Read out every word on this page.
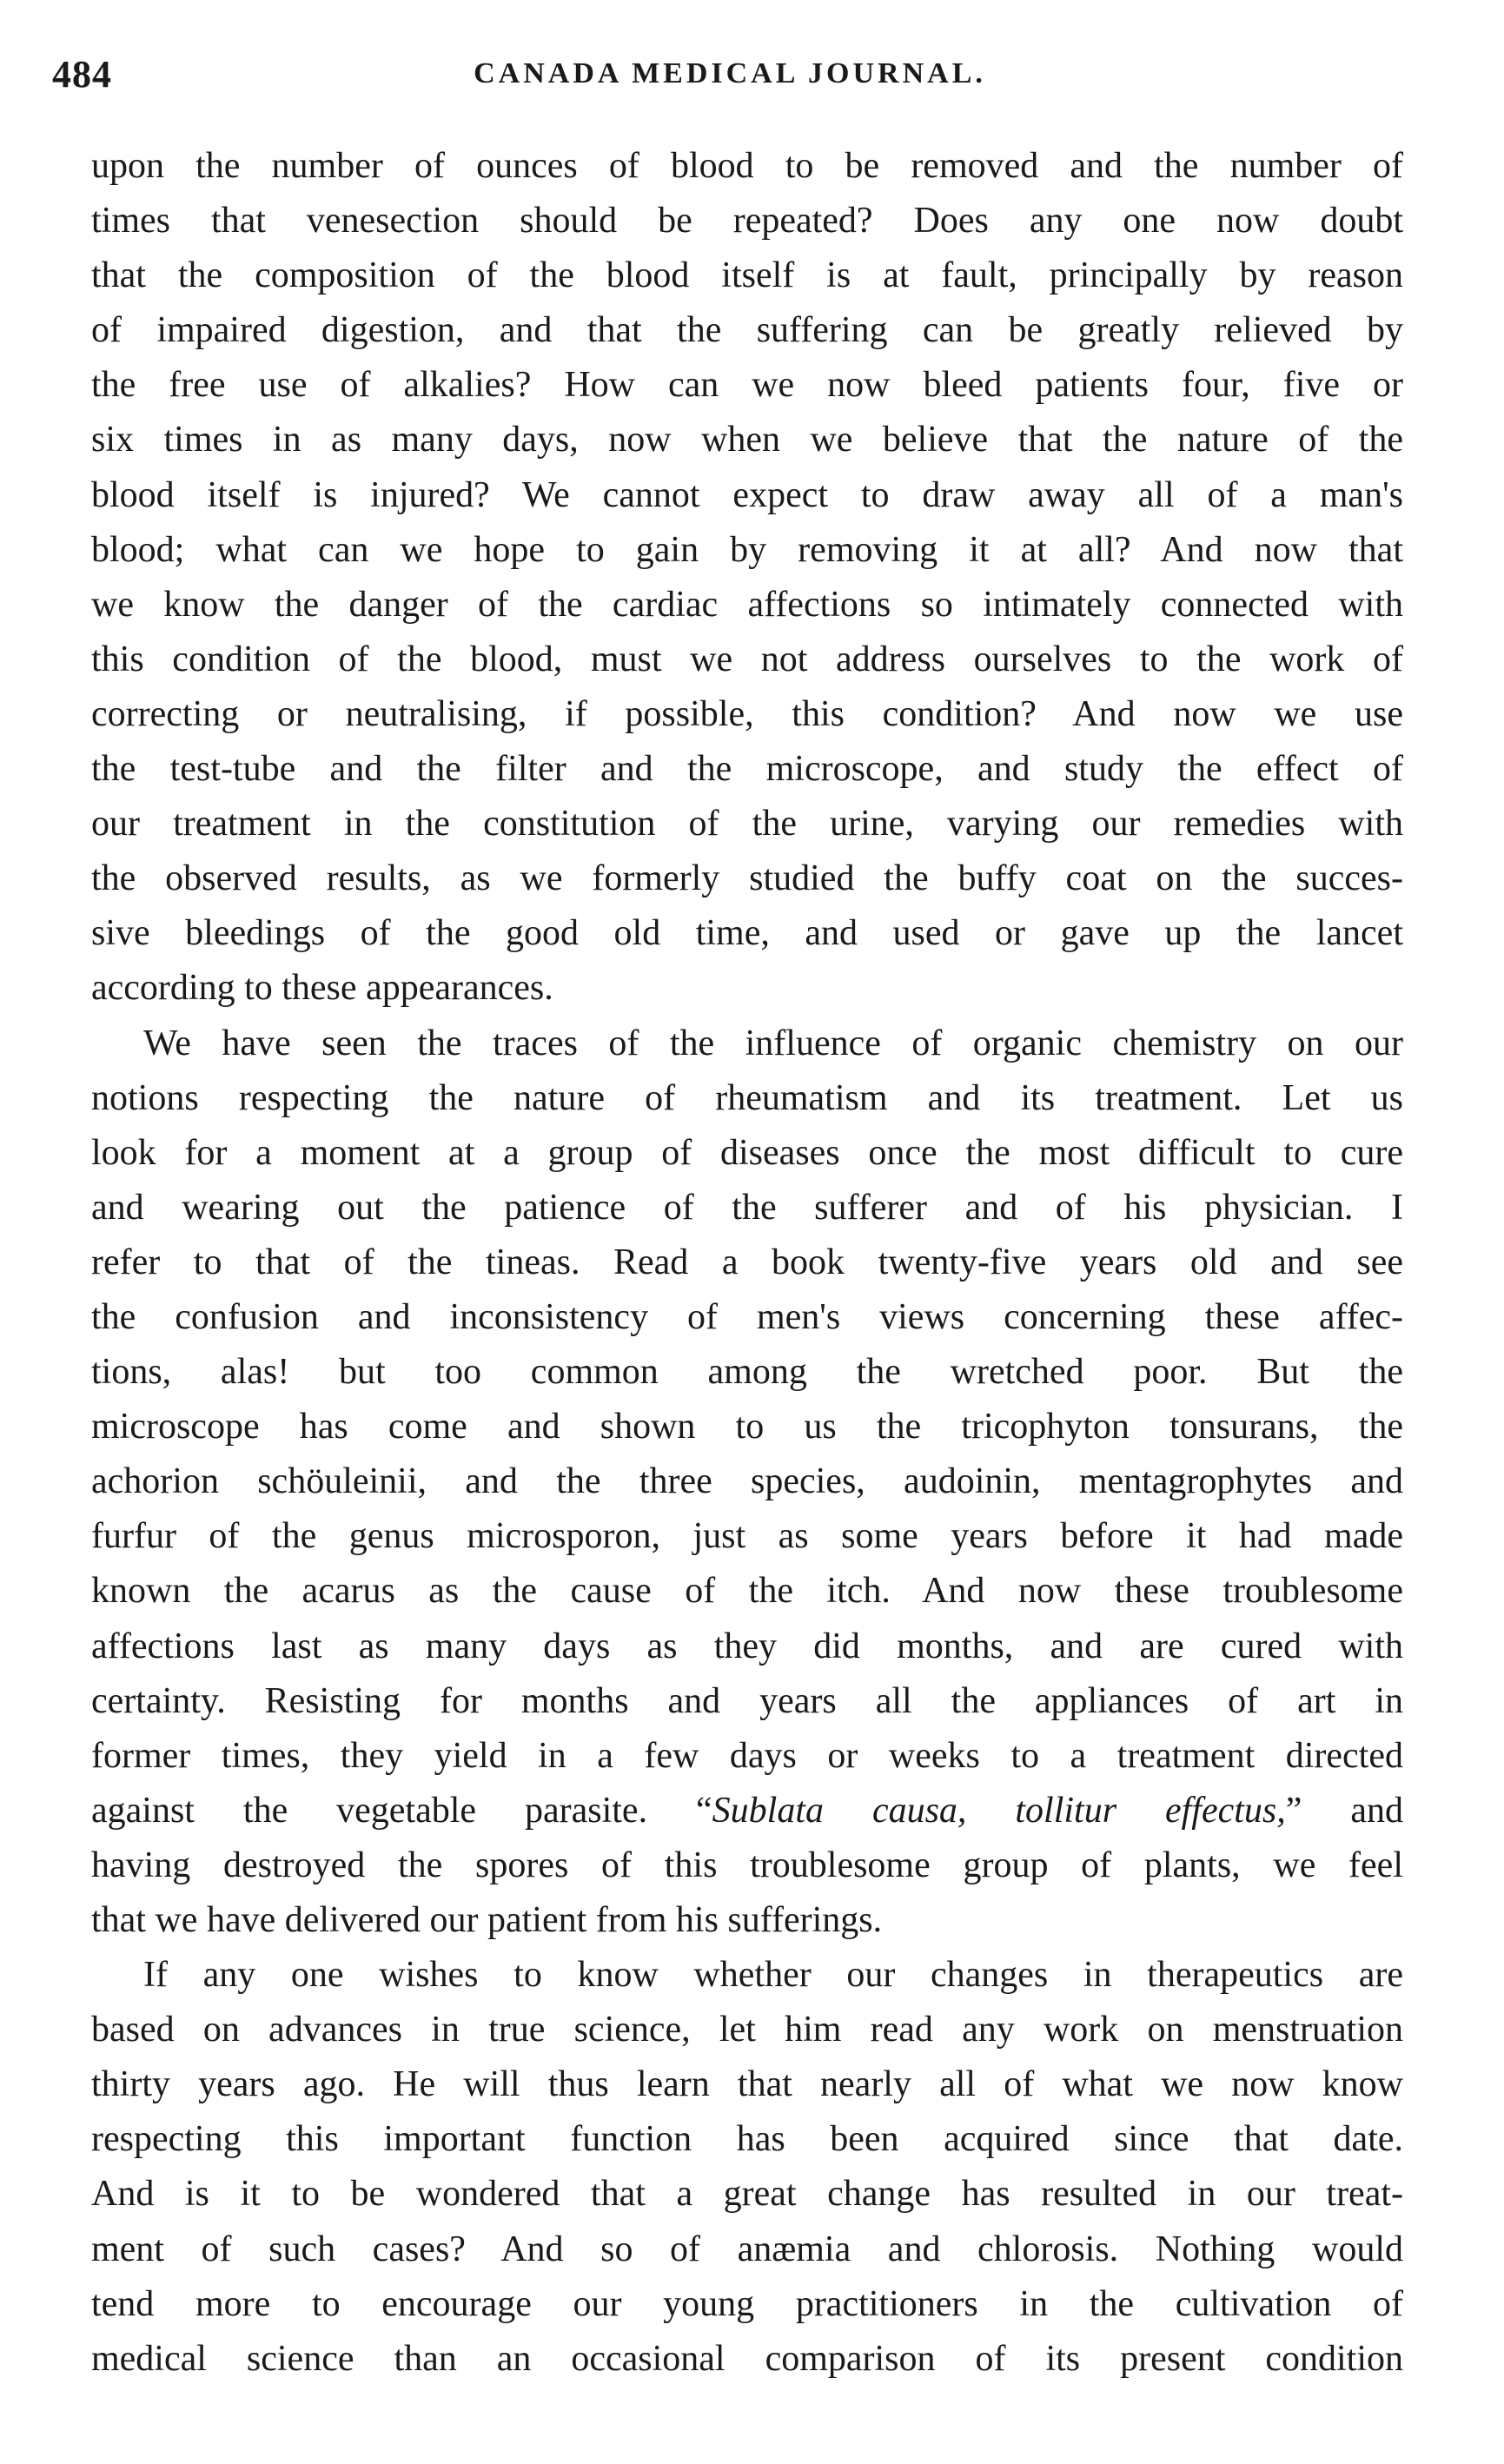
484	CANADA MEDICAL JOURNAL.
upon the number of ounces of blood to be removed and the number of
times that venesection should be repeated? Does any one now doubt
that the composition of the blood itself is at fault, principally by reason
of impaired digestion, and that the suffering can be greatly relieved by
the free use of alkalies? How can we now bleed patients four, five or
six times in as many days, now when we believe that the nature of the
blood itself is injured? We cannot expect to draw away all of a man's
blood; what can we hope to gain by removing it at all? And now that
we know the danger of the cardiac affections so intimately connected with
this condition of the blood, must we not address ourselves to the work of
correcting or neutralising, if possible, this condition? And now we use
the test-tube and the filter and the microscope, and study the effect of
our treatment in the constitution of the urine, varying our remedies with
the observed results, as we formerly studied the buffy coat on the succes-
sive bleedings of the good old time, and used or gave up the lancet
according to these appearances.
We have seen the traces of the influence of organic chemistry on our
notions respecting the nature of rheumatism and its treatment. Let us
look for a moment at a group of diseases once the most difficult to cure
and wearing out the patience of the sufferer and of his physician. I
refer to that of the tineas. Read a book twenty-five years old and see
the confusion and inconsistency of men's views concerning these affec-
tions, alas! but too common among the wretched poor. But the
microscope has come and shown to us the tricophyton tonsurans, the
achorion schöuleinii, and the three species, audoinin, mentagrophytes and
furfur of the genus microsporon, just as some years before it had made
known the acarus as the cause of the itch. And now these troublesome
affections last as many days as they did months, and are cured with
certainty. Resisting for months and years all the appliances of art in
former times, they yield in a few days or weeks to a treatment directed
against the vegetable parasite. “Sublata causa, tollitur effectus,” and
having destroyed the spores of this troublesome group of plants, we feel
that we have delivered our patient from his sufferings.
If any one wishes to know whether our changes in therapeutics are
based on advances in true science, let him read any work on menstruation
thirty years ago. He will thus learn that nearly all of what we now know
respecting this important function has been acquired since that date.
And is it to be wondered that a great change has resulted in our treat-
ment of such cases? And so of anæmia and chlorosis. Nothing would
tend more to encourage our young practitioners in the cultivation of
medical science than an occasional comparison of its present condition
